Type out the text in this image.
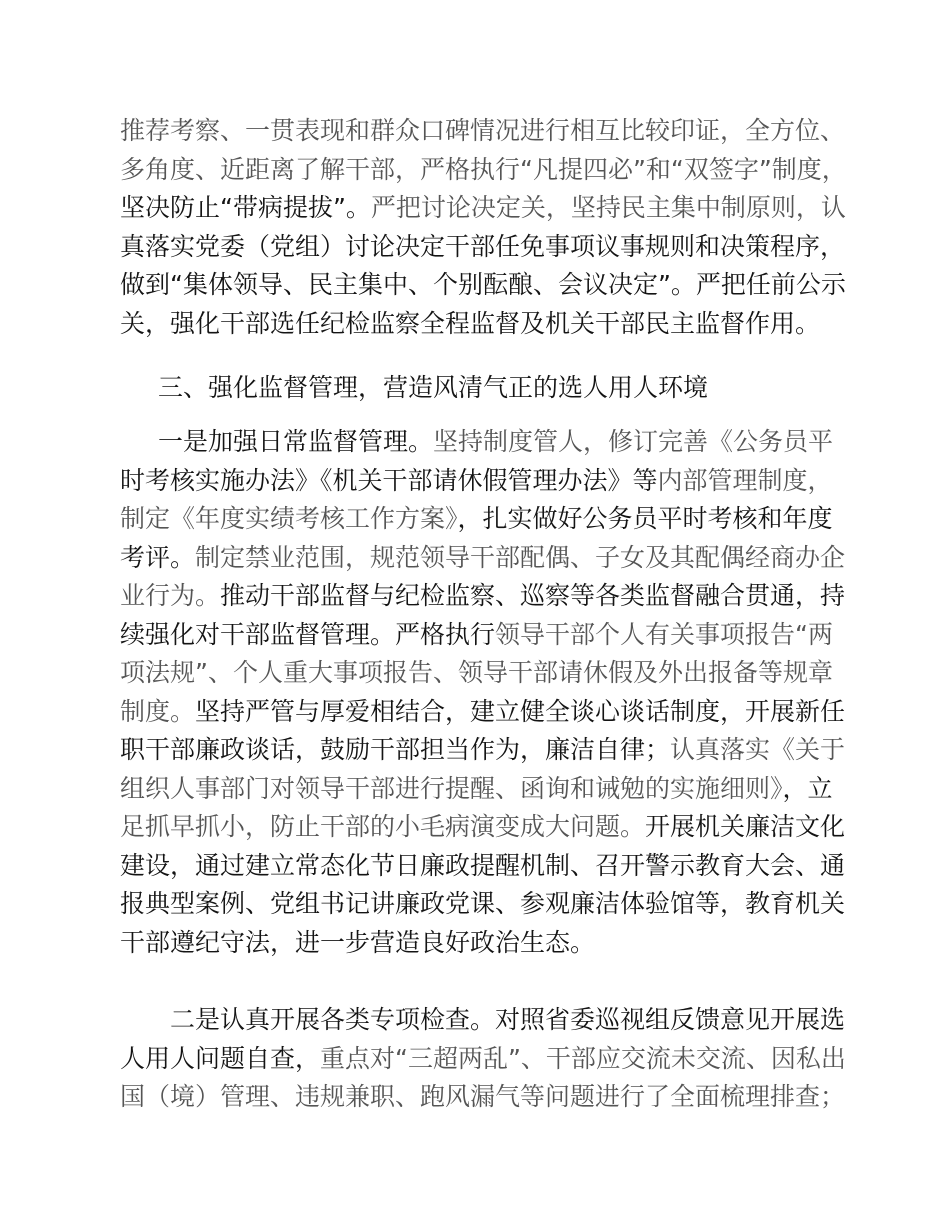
推荐考察、一贯表现和群众口碑情况进行相互比较印证，全方位、
多角度、近距离了解干部，严格执行“凡提四必”和“双签字”制度，
坚决防止“带病提拔”。严把讨论决定关，坚持民主集中制原则，认
真落实党委（党组）讨论决定干部任免事项议事规则和决策程序，
做到“集体领导、民主集中、个别酝酿、会议决定”。严把任前公示
关，强化干部选任纪检监察全程监督及机关干部民主监督作用。
三、强化监督管理，营造风清气正的选人用人环境
一是加强日常监督管理。坚持制度管人，修订完善《公务员平
时考核实施办法》《机关干部请休假管理办法》等内部管理制度，
制定《年度实绩考核工作方案》，扎实做好公务员平时考核和年度
考评。制定禁业范围，规范领导干部配偶、子女及其配偶经商办企
业行为。推动干部监督与纪检监察、巡察等各类监督融合贯通，持
续强化对干部监督管理。严格执行领导干部个人有关事项报告“两
项法规”、个人重大事项报告、领导干部请休假及外出报备等规章
制度。坚持严管与厚爱相结合，建立健全谈心谈话制度，开展新任
职干部廉政谈话，鼓励干部担当作为，廉洁自律；认真落实《关于
组织人事部门对领导干部进行提醒、函询和诫勉的实施细则》，立
足抓早抓小，防止干部的小毛病演变成大问题。开展机关廉洁文化
建设，通过建立常态化节日廉政提醒机制、召开警示教育大会、通
报典型案例、党组书记讲廉政党课、参观廉洁体验馆等，教育机关
干部遵纪守法，进一步营造良好政治生态。
二是认真开展各类专项检查。对照省委巡视组反馈意见开展选
人用人问题自查，重点对“三超两乱”、干部应交流未交流、因私出
国（境）管理、违规兼职、跑风漏气等问题进行了全面梳理排查；
